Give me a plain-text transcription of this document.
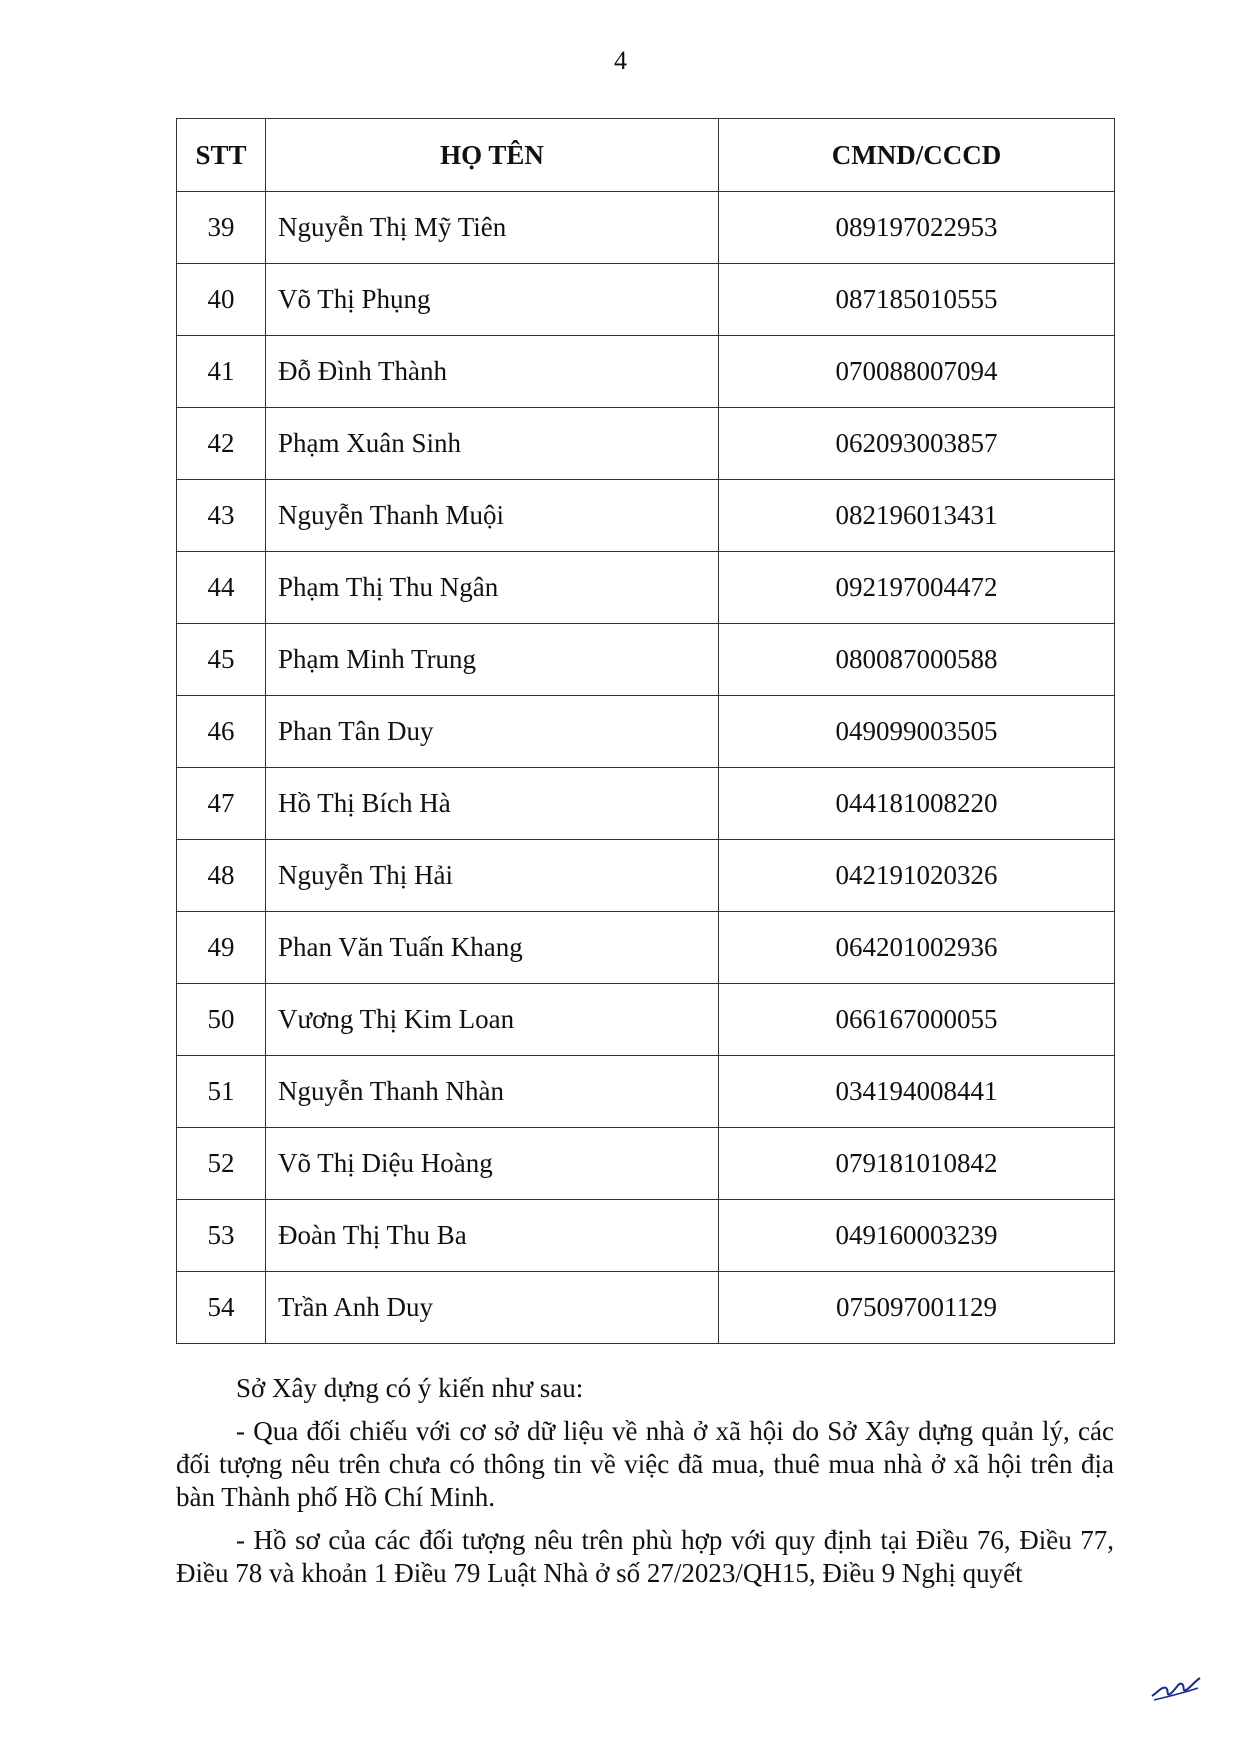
4
STT	HỌ TÊN	CMND/CCCD
39	Nguyễn Thị Mỹ Tiên	089197022953
40	Võ Thị Phụng	087185010555
41	Đỗ Đình Thành	070088007094
42	Phạm Xuân Sinh	062093003857
43	Nguyễn Thanh Muội	082196013431
44	Phạm Thị Thu Ngân	092197004472
45	Phạm Minh Trung	080087000588
46	Phan Tân Duy	049099003505
47	Hồ Thị Bích Hà	044181008220
48	Nguyễn Thị Hải	042191020326
49	Phan Văn Tuấn Khang	064201002936
50	Vương Thị Kim Loan	066167000055
51	Nguyễn Thanh Nhàn	034194008441
52	Võ Thị Diệu Hoàng	079181010842
53	Đoàn Thị Thu Ba	049160003239
54	Trần Anh Duy	075097001129

Sở Xây dựng có ý kiến như sau:

- Qua đối chiếu với cơ sở dữ liệu về nhà ở xã hội do Sở Xây dựng quản lý, các đối tượng nêu trên chưa có thông tin về việc đã mua, thuê mua nhà ở xã hội trên địa bàn Thành phố Hồ Chí Minh.

- Hồ sơ của các đối tượng nêu trên phù hợp với quy định tại Điều 76, Điều 77, Điều 78 và khoản 1 Điều 79 Luật Nhà ở số 27/2023/QH15, Điều 9 Nghị quyết
